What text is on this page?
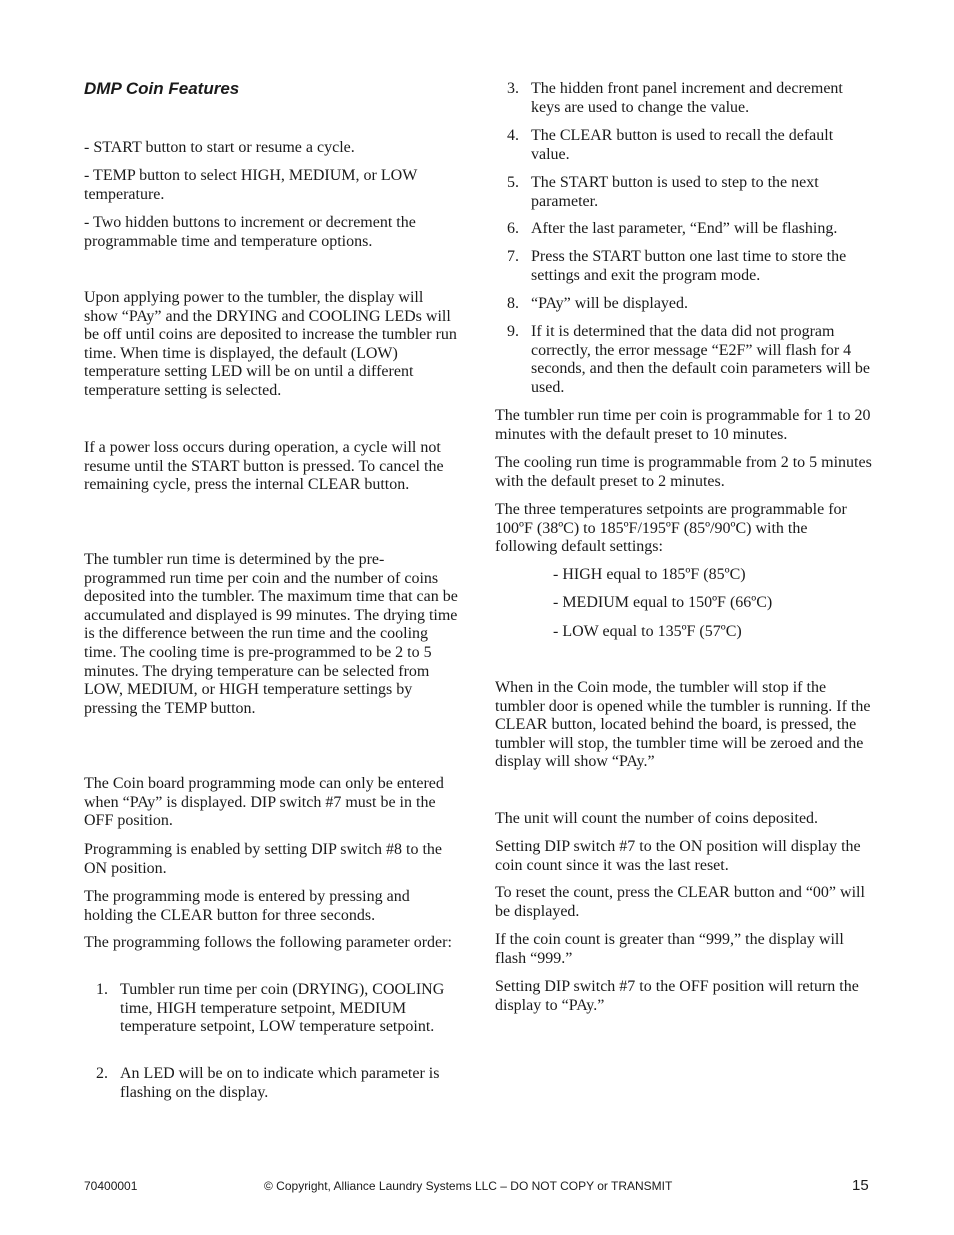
DMP Coin Features

- START button to start or resume a cycle.

- TEMP button to select HIGH, MEDIUM, or LOW temperature.

- Two hidden buttons to increment or decrement the programmable time and temperature options.

Upon applying power to the tumbler, the display will show “PAy” and the DRYING and COOLING LEDs will be off until coins are deposited to increase the tumbler run time. When time is displayed, the default (LOW) temperature setting LED will be on until a different temperature setting is selected.

If a power loss occurs during operation, a cycle will not resume until the START button is pressed. To cancel the remaining cycle, press the internal CLEAR button.

The tumbler run time is determined by the pre-programmed run time per coin and the number of coins deposited into the tumbler. The maximum time that can be accumulated and displayed is 99 minutes. The drying time is the difference between the run time and the cooling time. The cooling time is pre-programmed to be 2 to 5 minutes. The drying temperature can be selected from LOW, MEDIUM, or HIGH temperature settings by pressing the TEMP button.

The Coin board programming mode can only be entered when “PAy” is displayed. DIP switch #7 must be in the OFF position.

Programming is enabled by setting DIP switch #8 to the ON position.

The programming mode is entered by pressing and holding the CLEAR button for three seconds.

The programming follows the following parameter order:

1. Tumbler run time per coin (DRYING), COOLING time, HIGH temperature setpoint, MEDIUM temperature setpoint, LOW temperature setpoint.

2. An LED will be on to indicate which parameter is flashing on the display.

3. The hidden front panel increment and decrement keys are used to change the value.

4. The CLEAR button is used to recall the default value.

5. The START button is used to step to the next parameter.

6. After the last parameter, “End” will be flashing.

7. Press the START button one last time to store the settings and exit the program mode.

8. “PAy” will be displayed.

9. If it is determined that the data did not program correctly, the error message “E2F” will flash for 4 seconds, and then the default coin parameters will be used.

The tumbler run time per coin is programmable for 1 to 20 minutes with the default preset to 10 minutes.

The cooling run time is programmable from 2 to 5 minutes with the default preset to 2 minutes.

The three temperatures setpoints are programmable for 100ºF (38ºC) to 185ºF/195ºF (85º/90ºC) with the following default settings:

- HIGH equal to 185ºF (85ºC)

- MEDIUM equal to 150ºF (66ºC)

- LOW equal to 135ºF (57ºC)

When in the Coin mode, the tumbler will stop if the tumbler door is opened while the tumbler is running. If the CLEAR button, located behind the board, is pressed, the tumbler will stop, the tumbler time will be zeroed and the display will show “PAy.”

The unit will count the number of coins deposited.

Setting DIP switch #7 to the ON position will display the coin count since it was the last reset.

To reset the count, press the CLEAR button and “00” will be displayed.

If the coin count is greater than “999,” the display will flash “999.”

Setting DIP switch #7 to the OFF position will return the display to “PAy.”

70400001	© Copyright, Alliance Laundry Systems LLC – DO NOT COPY or TRANSMIT	15
